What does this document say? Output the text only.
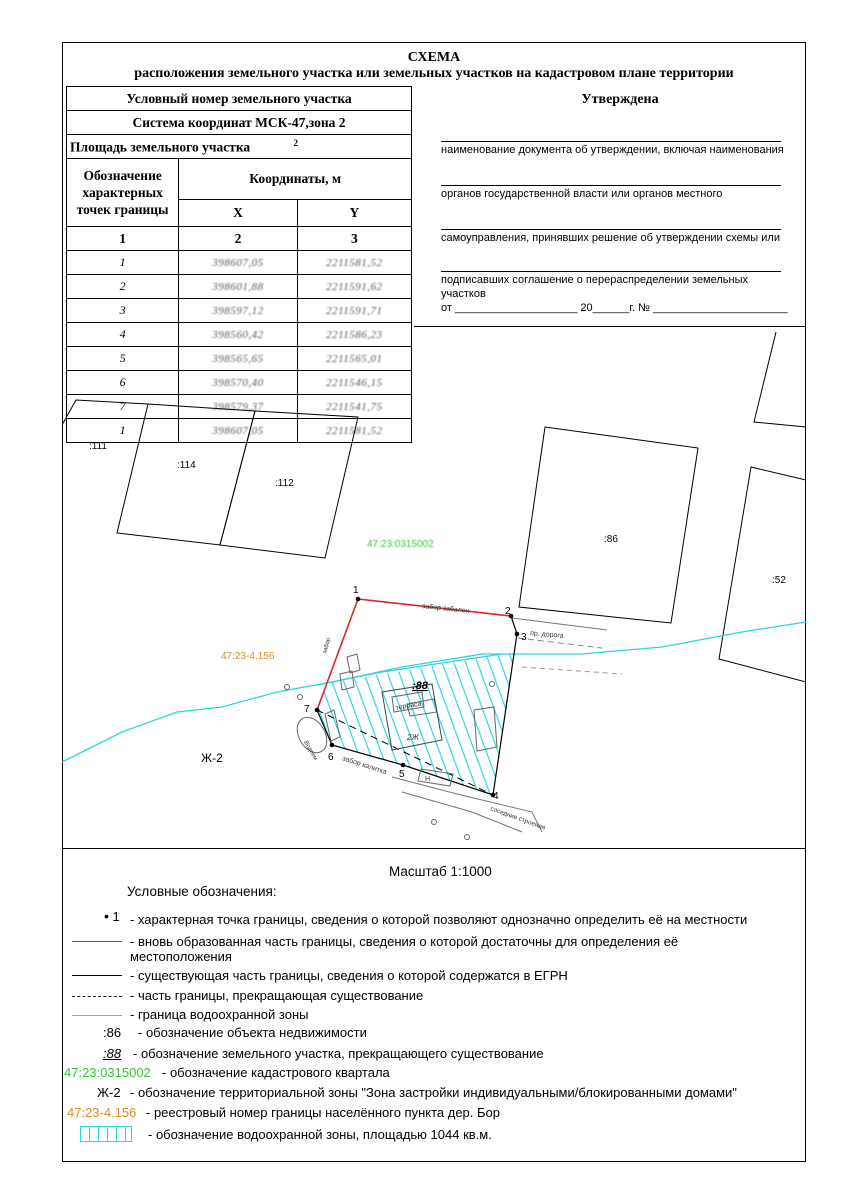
СХЕМА
расположения земельного участка или земельных участков на кадастровом плане территории
Условный номер земельного участка		
Система координат МСК-47,зона 2		
Площадь земельного участка $^2$
Обозначение характерных точек границы	Координаты, м	
	X	Y
1	2	3
1	398607,05	2211581,52
2	398601,88	2211591,62
3	398597,12	2211591,71
4	398560,42	2211586,23
5	398565,65	2211565,01
6	398570,40	2211546,15
7	398579,37	2211541,75
1	398607,05	2211581,52
Утверждена
наименование документа об утверждении, включая наименования
органов государственной власти или органов местного
самоуправления, принявших решение об утверждении схемы или
подписавших соглашение о перераспределении земельных
участков
от ____________________ 20______г. № ______________________
:111
:114
:112
:86
:52
:88
47:23:0315002
47:23-4.156
Ж-2
забор забален
забор калитка
пр. дорога
соседние строения
террасa
2Ж
Н
Водоем
забор
1
2
3
4
5
6
7
Масштаб 1:1000
Условные обозначения:
• 1 - характерная точка границы, сведения о которой позволяют однозначно определить её на местности
- вновь образованная часть границы, сведения о которой достаточны для определения её местоположения
- существующая часть границы, сведения о которой содержатся в ЕГРН
- часть границы, прекращающая существование
- граница водоохранной зоны
:86 - обозначение объекта недвижимости
:88 - обозначение земельного участка, прекращающего существование
47:23:0315002 - обозначение кадастрового квартала
Ж-2 - обозначение территориальной зоны "Зона застройки индивидуальными/блокированными домами"
47:23-4.156 - реестровый номер границы населённого пункта дер. Бор
- обозначение водоохранной зоны, площадью 1044 кв.м.
